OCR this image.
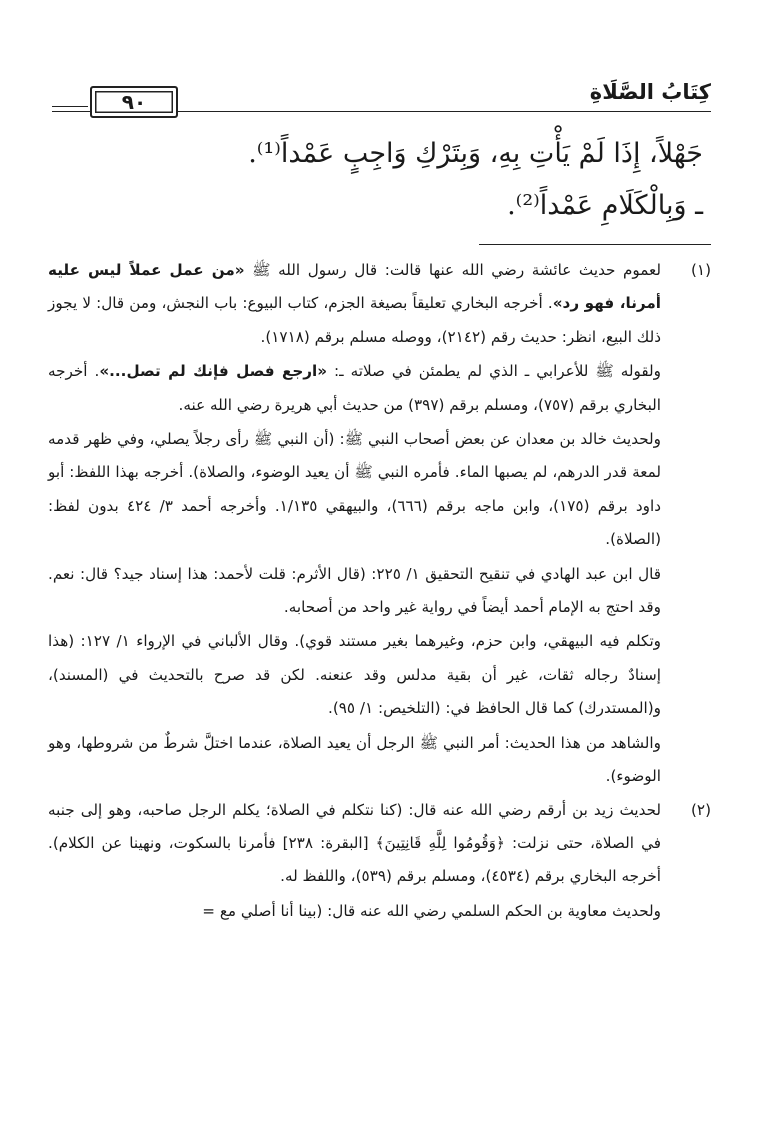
كِتَابُ الصَّلَاةِ
٩٠
جَهْلاً، إِذَا لَمْ يَأْتِ بِهِ، وَبِتَرْكِ وَاجِبٍ عَمْداً⁽¹⁾.
ـ وَبِالْكَلَامِ عَمْداً⁽²⁾.
(١)

لعموم حديث عائشة رضي الله عنها قالت: قال رسول الله ﷺ «من عمل عملاً ليس عليه أمرنا، فهو رد». أخرجه البخاري تعليقاً بصيغة الجزم، كتاب البيوع: باب النجش، ومن قال: لا يجوز ذلك البيع، انظر: حديث رقم (٢١٤٢)، ووصله مسلم برقم (١٧١٨).

ولقوله ﷺ للأعرابي ـ الذي لم يطمئن في صلاته ـ: «ارجع فصل فإنك لم تصل...». أخرجه البخاري برقم (٧٥٧)، ومسلم برقم (٣٩٧) من حديث أبي هريرة رضي الله عنه.

ولحديث خالد بن معدان عن بعض أصحاب النبي ﷺ: (أن النبي ﷺ رأى رجلاً يصلي، وفي ظهر قدمه لمعة قدر الدرهم، لم يصبها الماء. فأمره النبي ﷺ أن يعيد الوضوء، والصلاة). أخرجه بهذا اللفظ: أبو داود برقم (١٧٥)، وابن ماجه برقم (٦٦٦)، والبيهقي ١/١٣٥. وأخرجه أحمد ٣/ ٤٢٤ بدون لفظ: (الصلاة).

قال ابن عبد الهادي في تنقيح التحقيق ١/ ٢٢٥: (قال الأثرم: قلت لأحمد: هذا إسناد جيد؟ قال: نعم. وقد احتج به الإمام أحمد أيضاً في رواية غير واحد من أصحابه.

وتكلم فيه البيهقي، وابن حزم، وغيرهما بغير مستند قوي). وقال الألباني في الإرواء ١/ ١٢٧: (هذا إسنادٌ رجاله ثقات، غير أن بقية مدلس وقد عنعنه. لكن قد صرح بالتحديث في (المسند)، و(المستدرك) كما قال الحافظ في: (التلخيص: ١/ ٩٥).

والشاهد من هذا الحديث: أمر النبي ﷺ الرجل أن يعيد الصلاة، عندما اختلَّ شرطٌ من شروطها، وهو الوضوء).

(٢)

لحديث زيد بن أرقم رضي الله عنه قال: (كنا نتكلم في الصلاة؛ يكلم الرجل صاحبه، وهو إلى جنبه في الصلاة، حتى نزلت: ﴿وَقُومُوا لِلَّهِ قَانِتِينَ﴾ [البقرة: ٢٣٨] فأمرنا بالسكوت، ونهينا عن الكلام). أخرجه البخاري برقم (٤٥٣٤)، ومسلم برقم (٥٣٩)، واللفظ له.

ولحديث معاوية بن الحكم السلمي رضي الله عنه قال: (بينا أنا أصلي مع =
